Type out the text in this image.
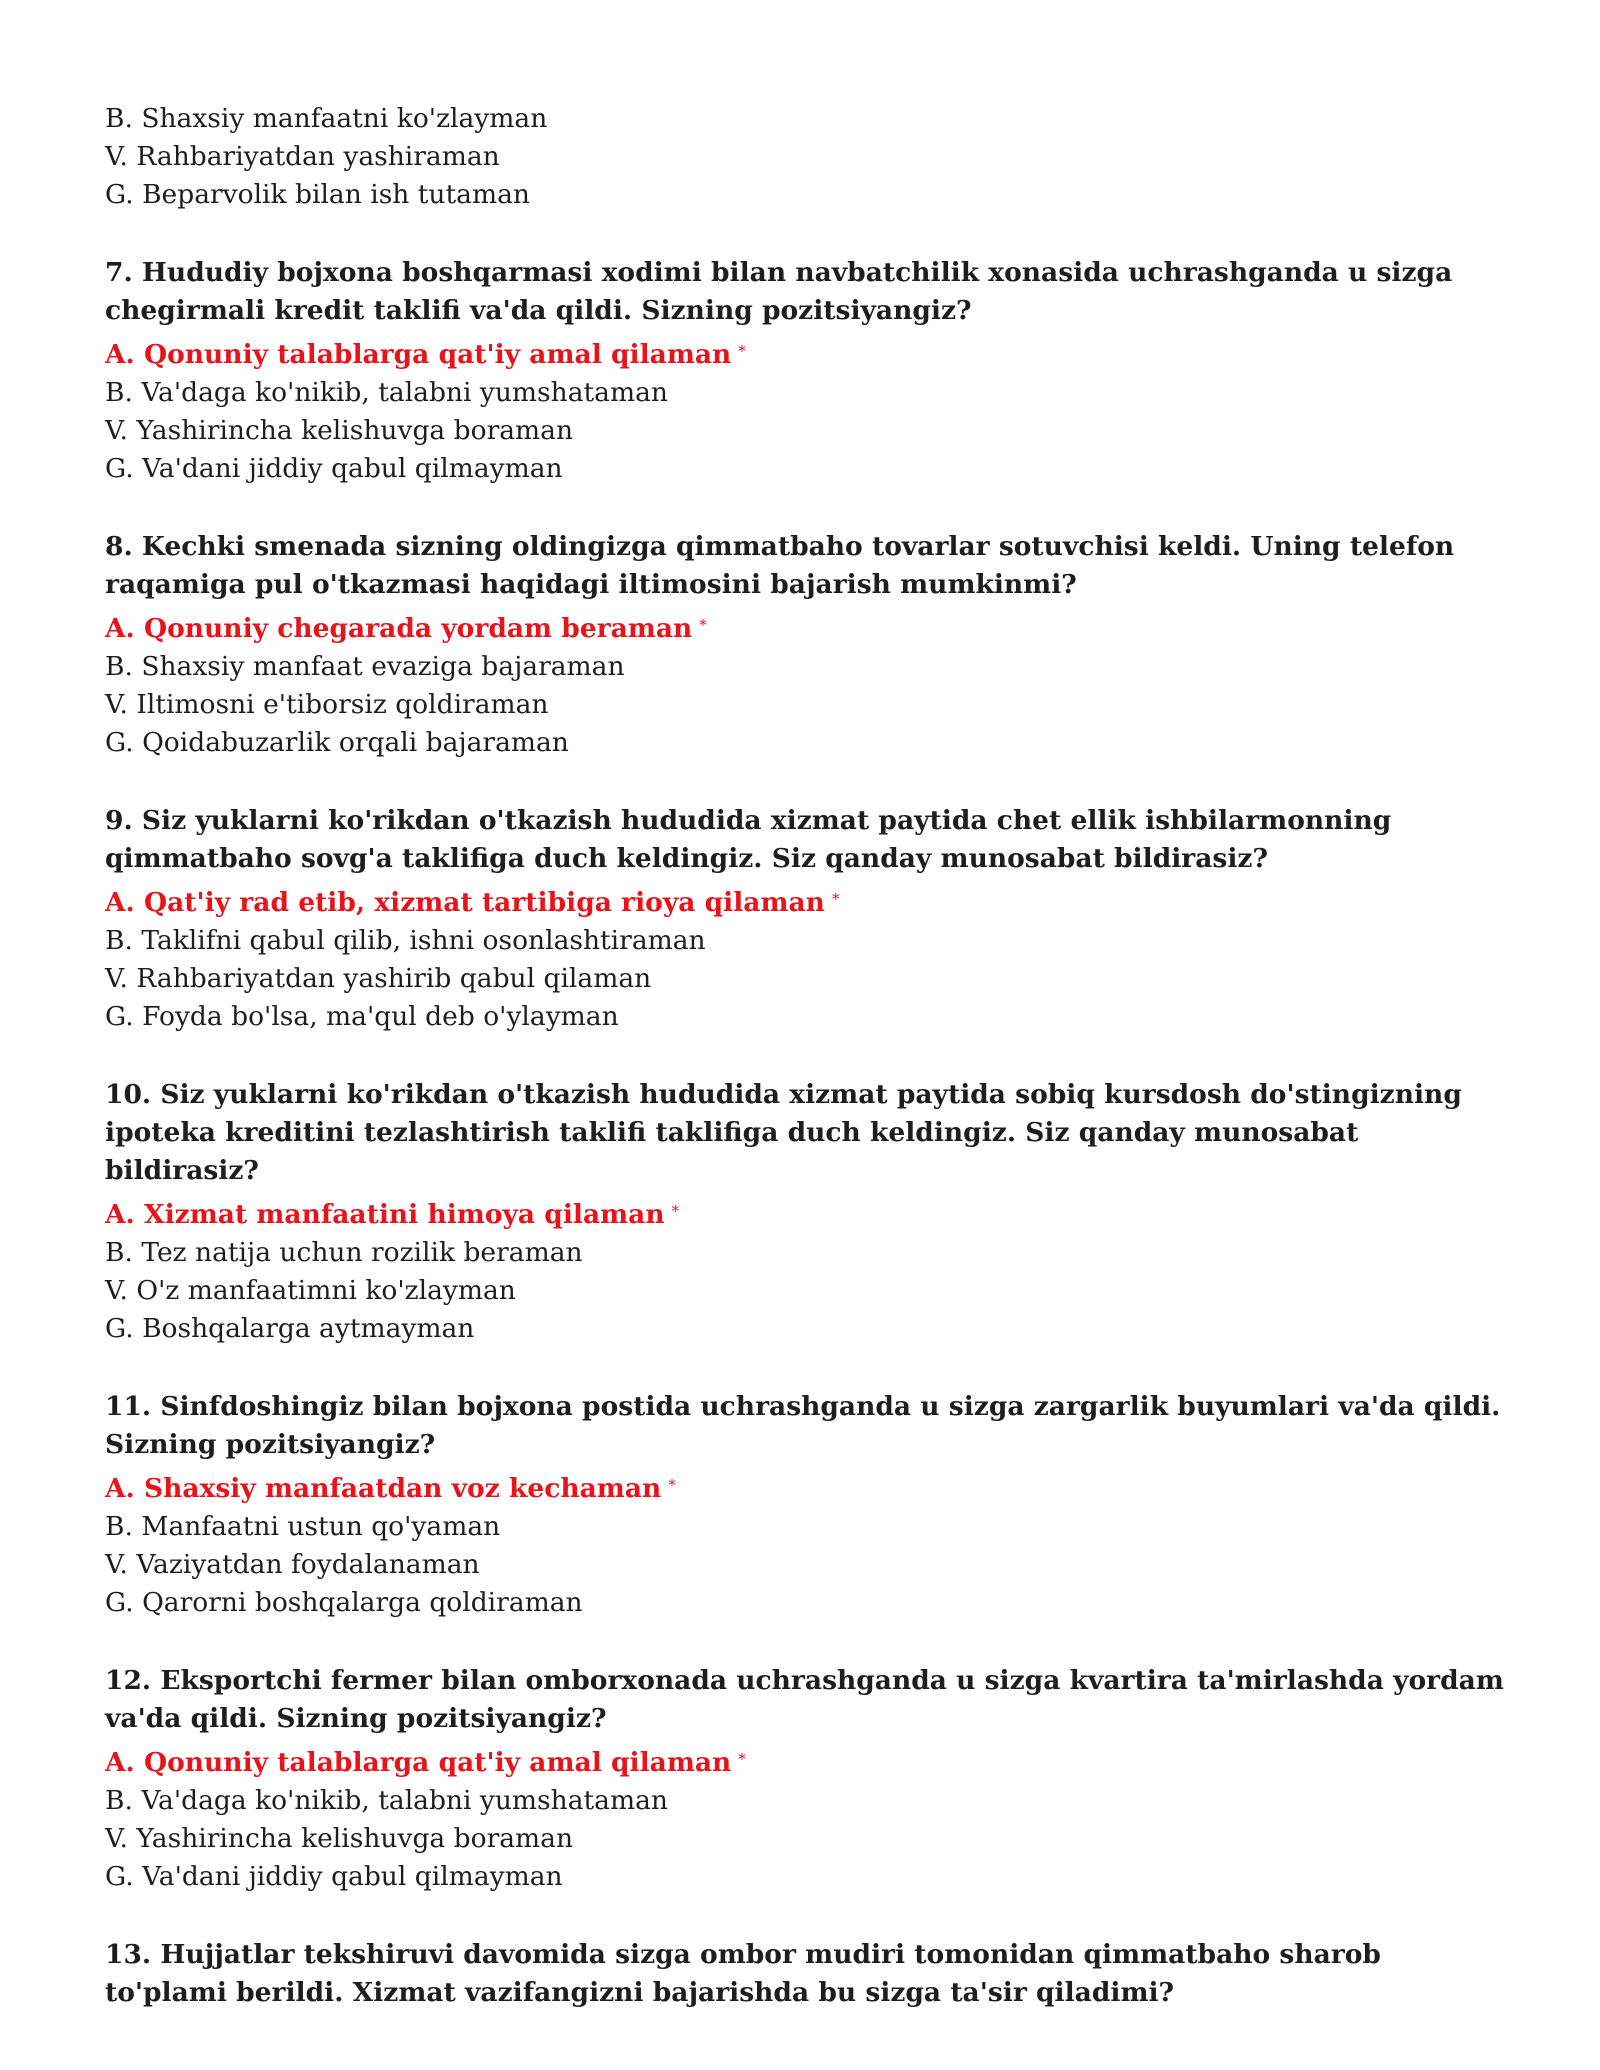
B. Shaxsiy manfaatni ko'zlayman

V. Rahbariyatdan yashiraman

G. Beparvolik bilan ish tutaman

7. Hududiy bojxona boshqarmasi xodimi bilan navbatchilik xonasida uchrashganda u sizga chegirmali kredit taklifi va'da qildi. Sizning pozitsiyangiz?

A. Qonuniy talablarga qat'iy amal qilaman *

B. Va'daga ko'nikib, talabni yumshataman

V. Yashirincha kelishuvga boraman

G. Va'dani jiddiy qabul qilmayman

8. Kechki smenada sizning oldingizga qimmatbaho tovarlar sotuvchisi keldi. Uning telefon raqamiga pul o'tkazmasi haqidagi iltimosini bajarish mumkinmi?

A. Qonuniy chegarada yordam beraman *

B. Shaxsiy manfaat evaziga bajaraman

V. Iltimosni e'tiborsiz qoldiraman

G. Qoidabuzarlik orqali bajaraman

9. Siz yuklarni ko'rikdan o'tkazish hududida xizmat paytida chet ellik ishbilarmonning qimmatbaho sovg'a taklifiga duch keldingiz. Siz qanday munosabat bildirasiz?

A. Qat'iy rad etib, xizmat tartibiga rioya qilaman *

B. Taklifni qabul qilib, ishni osonlashtiraman

V. Rahbariyatdan yashirib qabul qilaman

G. Foyda bo'lsa, ma'qul deb o'ylayman

10. Siz yuklarni ko'rikdan o'tkazish hududida xizmat paytida sobiq kursdosh do'stingizning ipoteka kreditini tezlashtirish taklifi taklifiga duch keldingiz. Siz qanday munosabat bildirasiz?

A. Xizmat manfaatini himoya qilaman *

B. Tez natija uchun rozilik beraman

V. O'z manfaatimni ko'zlayman

G. Boshqalarga aytmayman

11. Sinfdoshingiz bilan bojxona postida uchrashganda u sizga zargarlik buyumlari va'da qildi. Sizning pozitsiyangiz?

A. Shaxsiy manfaatdan voz kechaman *

B. Manfaatni ustun qo'yaman

V. Vaziyatdan foydalanaman

G. Qarorni boshqalarga qoldiraman

12. Eksportchi fermer bilan omborxonada uchrashganda u sizga kvartira ta'mirlashda yordam va'da qildi. Sizning pozitsiyangiz?

A. Qonuniy talablarga qat'iy amal qilaman *

B. Va'daga ko'nikib, talabni yumshataman

V. Yashirincha kelishuvga boraman

G. Va'dani jiddiy qabul qilmayman

13. Hujjatlar tekshiruvi davomida sizga ombor mudiri tomonidan qimmatbaho sharob to'plami berildi. Xizmat vazifangizni bajarishda bu sizga ta'sir qiladimi?
